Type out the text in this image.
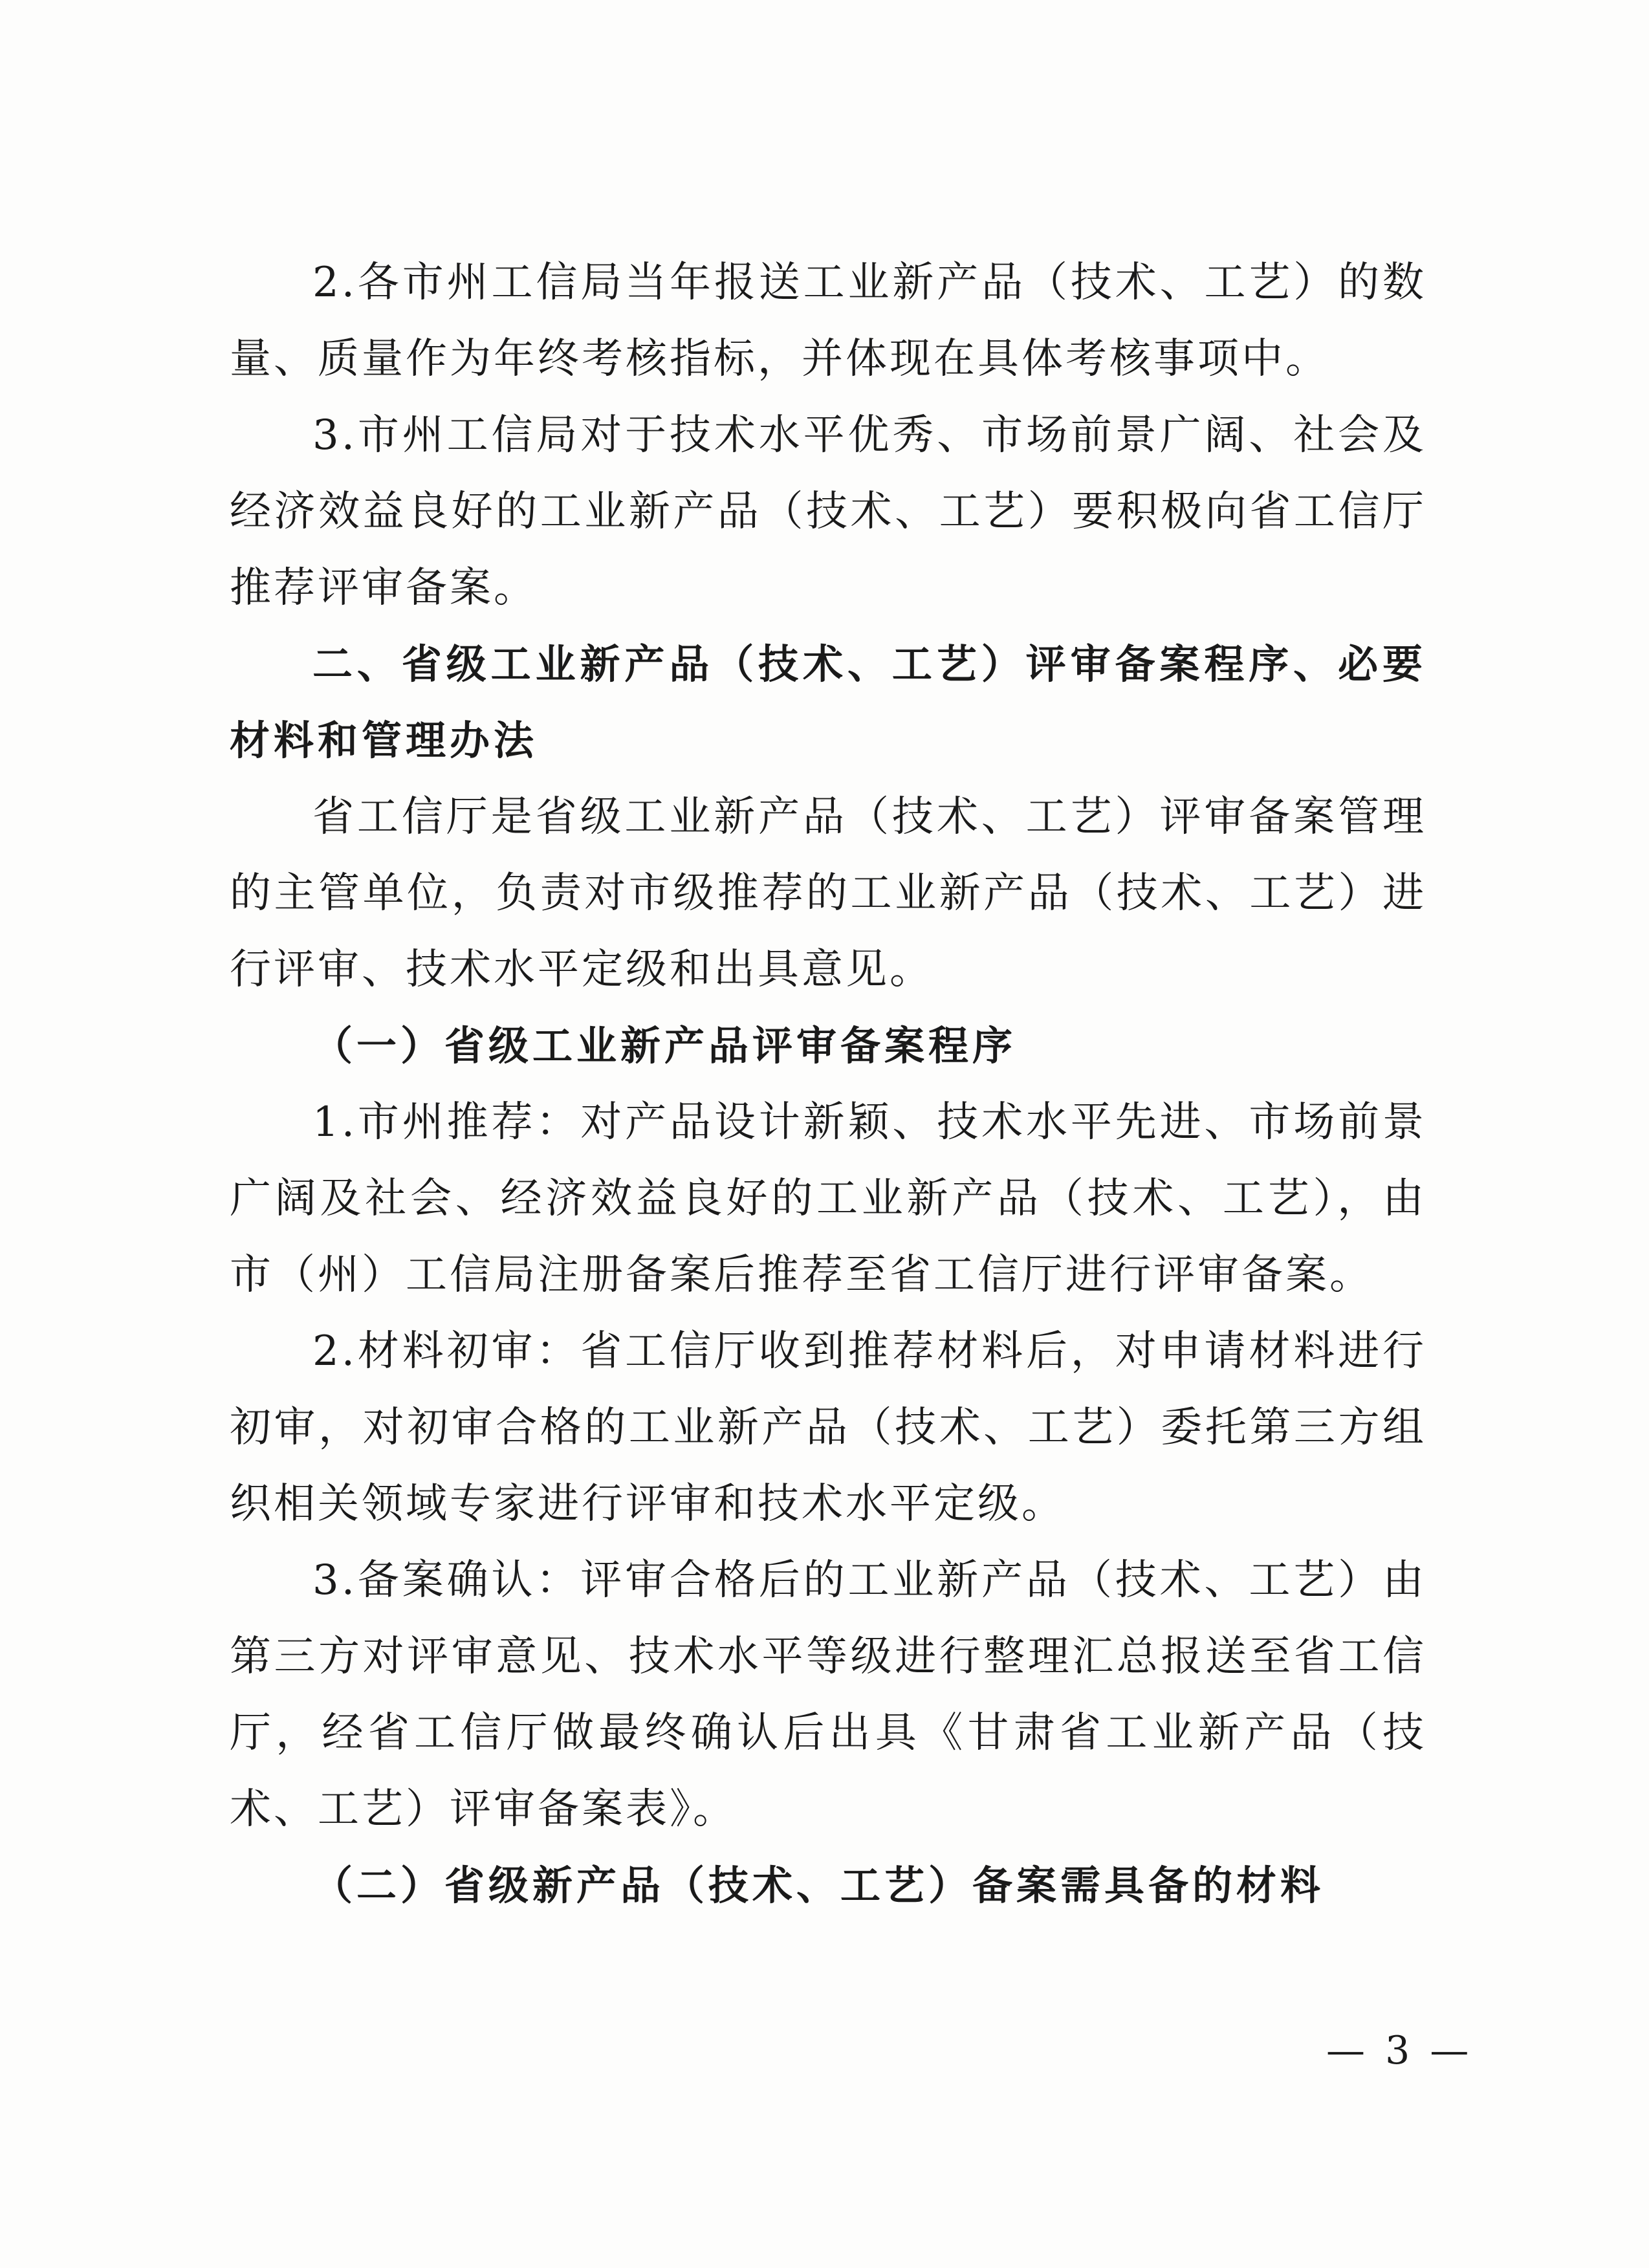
2.各市州工信局当年报送工业新产品（技术、工艺）的数量、质量作为年终考核指标，并体现在具体考核事项中。

3.市州工信局对于技术水平优秀、市场前景广阔、社会及经济效益良好的工业新产品（技术、工艺）要积极向省工信厅推荐评审备案。

二、省级工业新产品（技术、工艺）评审备案程序、必要材料和管理办法

省工信厅是省级工业新产品（技术、工艺）评审备案管理的主管单位，负责对市级推荐的工业新产品（技术、工艺）进行评审、技术水平定级和出具意见。

（一）省级工业新产品评审备案程序

1.市州推荐：对产品设计新颖、技术水平先进、市场前景广阔及社会、经济效益良好的工业新产品（技术、工艺），由市（州）工信局注册备案后推荐至省工信厅进行评审备案。

2.材料初审：省工信厅收到推荐材料后，对申请材料进行初审，对初审合格的工业新产品（技术、工艺）委托第三方组织相关领域专家进行评审和技术水平定级。

3.备案确认：评审合格后的工业新产品（技术、工艺）由第三方对评审意见、技术水平等级进行整理汇总报送至省工信厅，经省工信厅做最终确认后出具《甘肃省工业新产品（技术、工艺）评审备案表》。

（二）省级新产品（技术、工艺）备案需具备的材料

— 3 —
